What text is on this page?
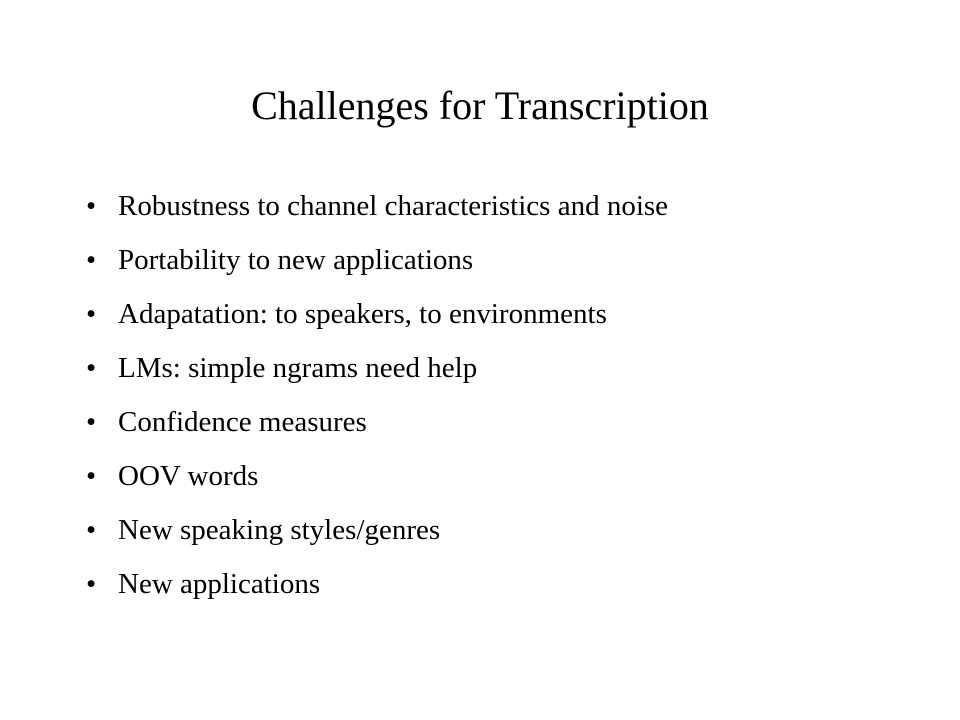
Challenges for Transcription
• Robustness to channel characteristics and noise
• Portability to new applications
• Adapatation: to speakers, to environments
• LMs: simple ngrams need help
• Confidence measures
• OOV words
• New speaking styles/genres
• New applications
